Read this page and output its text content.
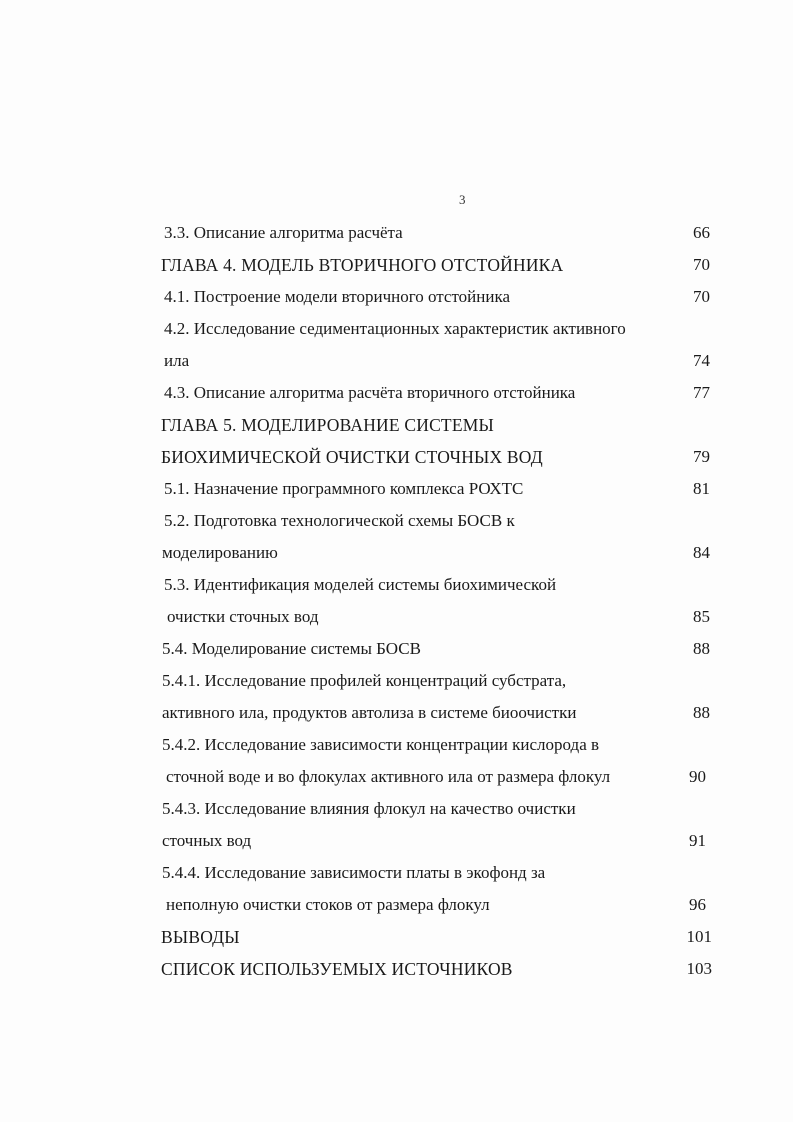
3
3.3. Описание алгоритма расчёта	66
ГЛАВА 4. МОДЕЛЬ ВТОРИЧНОГО ОТСТОЙНИКА	70
4.1. Построение модели вторичного отстойника	70
4.2. Исследование седиментационных характеристик активного
ила	74
4.3. Описание алгоритма расчёта вторичного отстойника	77
ГЛАВА 5. МОДЕЛИРОВАНИЕ СИСТЕМЫ
БИОХИМИЧЕСКОЙ ОЧИСТКИ СТОЧНЫХ ВОД	79
5.1. Назначение программного комплекса РОХТС	81
5.2. Подготовка технологической схемы БОСВ к
моделированию	84
5.3. Идентификация моделей системы биохимической
очистки сточных вод	85
5.4. Моделирование системы БОСВ	88
5.4.1. Исследование профилей концентраций субстрата,
активного ила, продуктов автолиза в системе биоочистки	88
5.4.2. Исследование зависимости концентрации кислорода в
сточной воде и во флокулах активного ила от размера флокул	90
5.4.3. Исследование влияния флокул на качество очистки
сточных вод	91
5.4.4. Исследование зависимости платы в экофонд за
неполную очистки стоков от размера флокул	96
ВЫВОДЫ	101
СПИСОК ИСПОЛЬЗУЕМЫХ ИСТОЧНИКОВ	103
